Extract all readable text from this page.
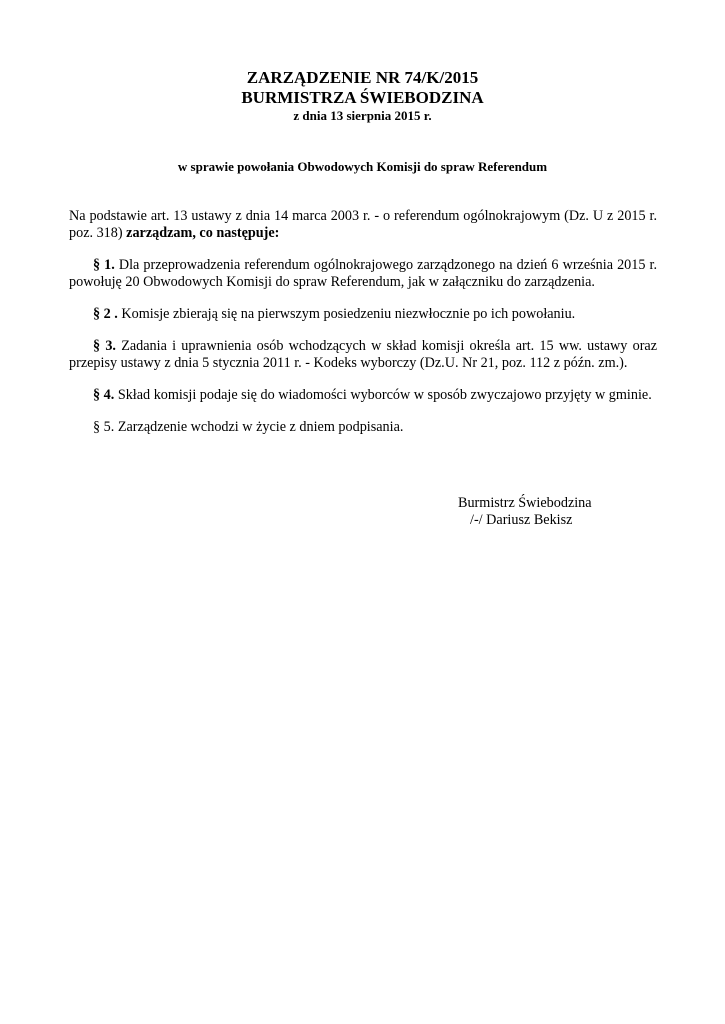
ZARZĄDZENIE NR 74/K/2015

BURMISTRZA ŚWIEBODZINA

z dnia 13 sierpnia 2015 r.

w sprawie powołania Obwodowych Komisji do spraw Referendum

Na podstawie art. 13 ustawy z dnia 14 marca 2003 r. - o referendum ogólnokrajowym (Dz. U z 2015 r. poz. 318) zarządzam, co następuje:

§ 1. Dla przeprowadzenia referendum ogólnokrajowego zarządzonego na dzień 6 września 2015 r. powołuję 20 Obwodowych Komisji do spraw Referendum, jak w załączniku do zarządzenia.

§ 2 . Komisje zbierają się na pierwszym posiedzeniu niezwłocznie po ich powołaniu.

§ 3. Zadania i uprawnienia osób wchodzących w skład komisji określa art. 15 ww. ustawy oraz przepisy ustawy z dnia 5 stycznia 2011 r. - Kodeks wyborczy (Dz.U. Nr 21, poz. 112 z późn. zm.).

§ 4. Skład komisji podaje się do wiadomości wyborców w sposób zwyczajowo przyjęty w gminie.

§ 5. Zarządzenie wchodzi w życie z dniem podpisania.

Burmistrz Świebodzina
/-/ Dariusz Bekisz
